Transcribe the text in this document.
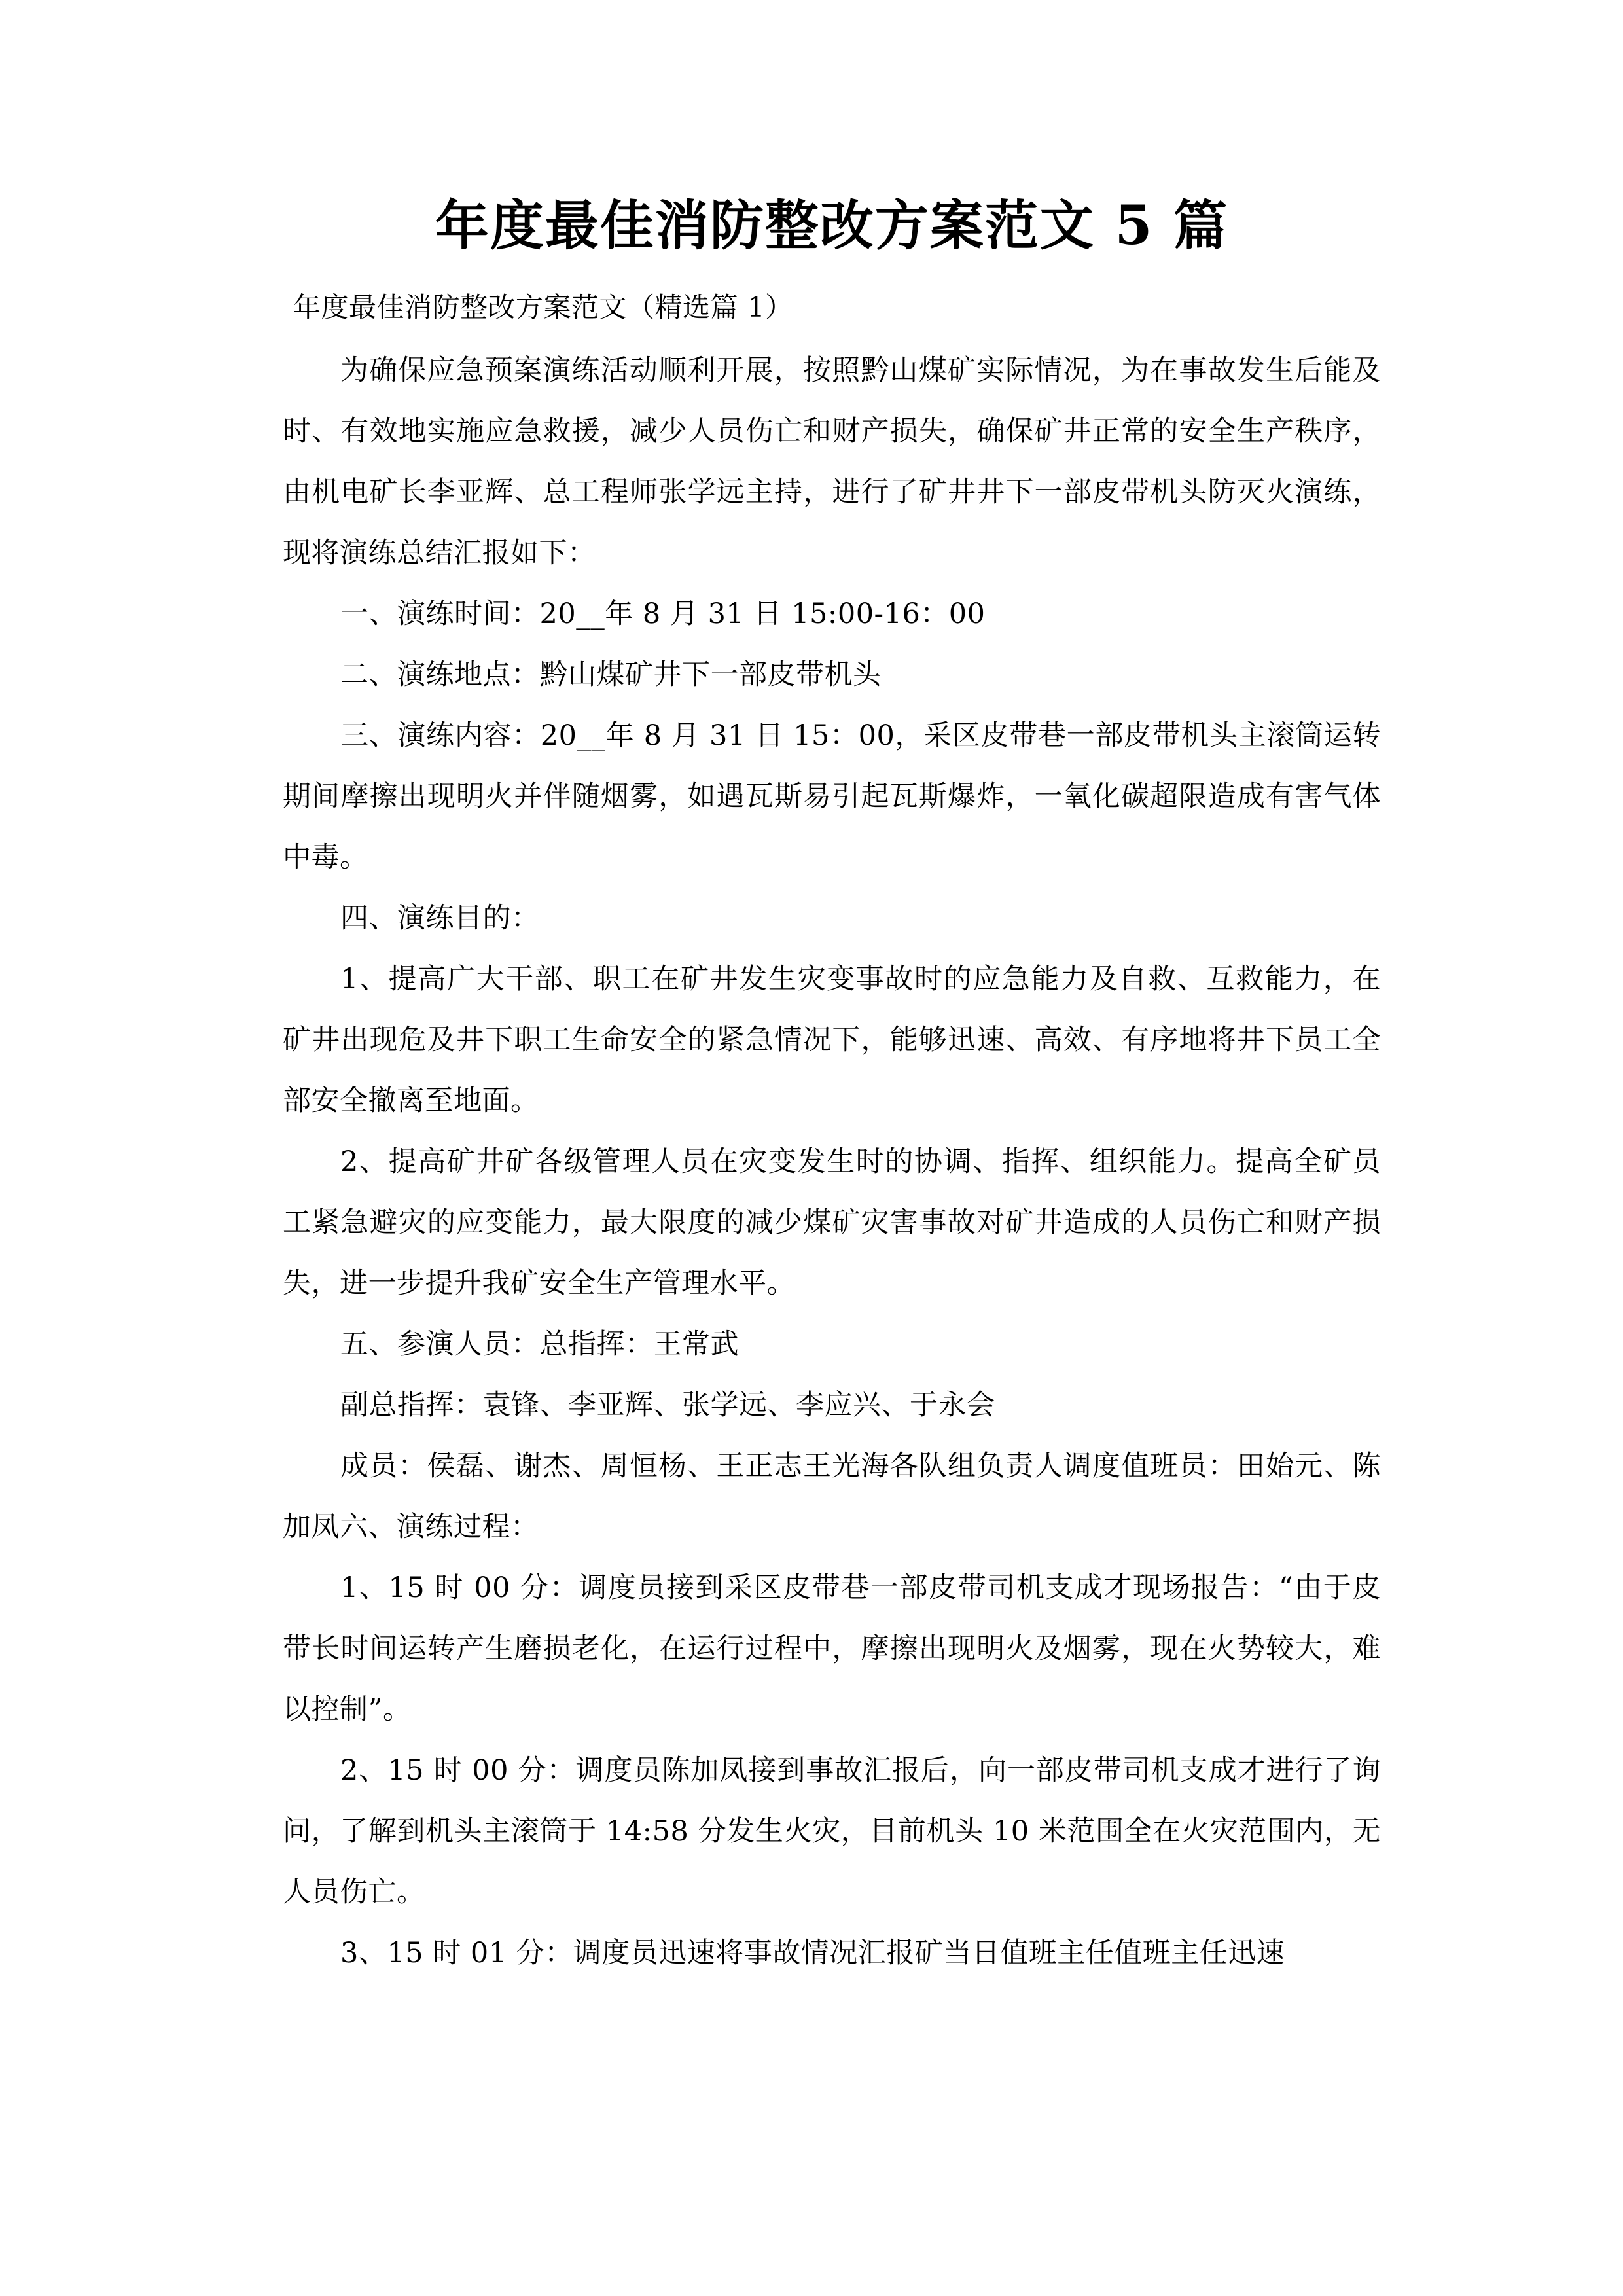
年度最佳消防整改方案范文 5 篇

年度最佳消防整改方案范文（精选篇 1）

为确保应急预案演练活动顺利开展，按照黔山煤矿实际情况，为在事故发生后能及时、有效地实施应急救援，减少人员伤亡和财产损失，确保矿井正常的安全生产秩序，由机电矿长李亚辉、总工程师张学远主持，进行了矿井井下一部皮带机头防灭火演练，现将演练总结汇报如下：

一、演练时间：20__年 8 月 31 日 15:00-16：00

二、演练地点：黔山煤矿井下一部皮带机头

三、演练内容：20__年 8 月 31 日 15：00，采区皮带巷一部皮带机头主滚筒运转期间摩擦出现明火并伴随烟雾，如遇瓦斯易引起瓦斯爆炸，一氧化碳超限造成有害气体中毒。

四、演练目的：

1、提高广大干部、职工在矿井发生灾变事故时的应急能力及自救、互救能力，在矿井出现危及井下职工生命安全的紧急情况下，能够迅速、高效、有序地将井下员工全部安全撤离至地面。

2、提高矿井矿各级管理人员在灾变发生时的协调、指挥、组织能力。提高全矿员工紧急避灾的应变能力，最大限度的减少煤矿灾害事故对矿井造成的人员伤亡和财产损失，进一步提升我矿安全生产管理水平。

五、参演人员：总指挥：王常武

副总指挥：袁锋、李亚辉、张学远、李应兴、于永会

成员：侯磊、谢杰、周恒杨、王正志王光海各队组负责人调度值班员：田始元、陈加凤六、演练过程：

1、15 时 00 分：调度员接到采区皮带巷一部皮带司机支成才现场报告：“由于皮带长时间运转产生磨损老化，在运行过程中，摩擦出现明火及烟雾，现在火势较大，难以控制”。

2、15 时 00 分：调度员陈加凤接到事故汇报后，向一部皮带司机支成才进行了询问，了解到机头主滚筒于 14:58 分发生火灾，目前机头 10 米范围全在火灾范围内，无人员伤亡。

3、15 时 01 分：调度员迅速将事故情况汇报矿当日值班主任值班主任迅速
